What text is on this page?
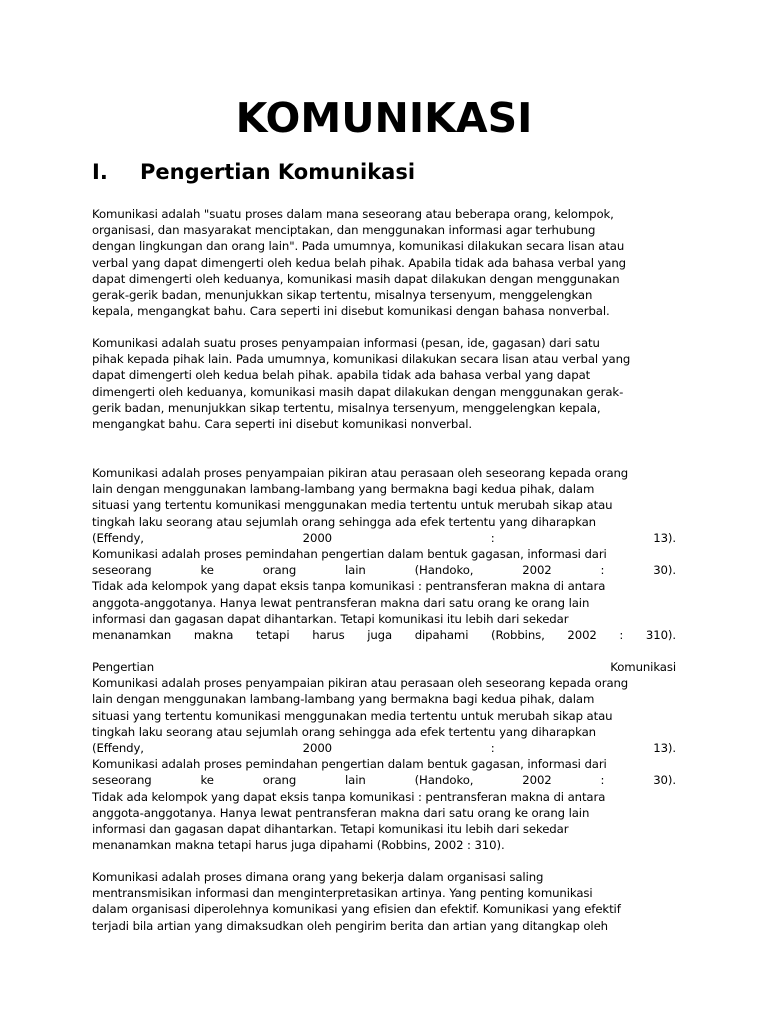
KOMUNIKASI
I. Pengertian Komunikasi
Komunikasi adalah "suatu proses dalam mana seseorang atau beberapa orang, kelompok,
organisasi, dan masyarakat menciptakan, dan menggunakan informasi agar terhubung
dengan lingkungan dan orang lain". Pada umumnya, komunikasi dilakukan secara lisan atau
verbal yang dapat dimengerti oleh kedua belah pihak. Apabila tidak ada bahasa verbal yang
dapat dimengerti oleh keduanya, komunikasi masih dapat dilakukan dengan menggunakan
gerak-gerik badan, menunjukkan sikap tertentu, misalnya tersenyum, menggelengkan
kepala, mengangkat bahu. Cara seperti ini disebut komunikasi dengan bahasa nonverbal.
Komunikasi adalah suatu proses penyampaian informasi (pesan, ide, gagasan) dari satu
pihak kepada pihak lain. Pada umumnya, komunikasi dilakukan secara lisan atau verbal yang
dapat dimengerti oleh kedua belah pihak. apabila tidak ada bahasa verbal yang dapat
dimengerti oleh keduanya, komunikasi masih dapat dilakukan dengan menggunakan gerak-
gerik badan, menunjukkan sikap tertentu, misalnya tersenyum, menggelengkan kepala,
mengangkat bahu. Cara seperti ini disebut komunikasi nonverbal.
Komunikasi adalah proses penyampaian pikiran atau perasaan oleh seseorang kepada orang
lain dengan menggunakan lambang-lambang yang bermakna bagi kedua pihak, dalam
situasi yang tertentu komunikasi menggunakan media tertentu untuk merubah sikap atau
tingkah laku seorang atau sejumlah orang sehingga ada efek tertentu yang diharapkan
(Effendy,	2000	:	13).
Komunikasi adalah proses pemindahan pengertian dalam bentuk gagasan, informasi dari
seseorang	ke	orang	lain	(Handoko,	2002	:	30).
Tidak ada kelompok yang dapat eksis tanpa komunikasi : pentransferan makna di antara
anggota-anggotanya. Hanya lewat pentransferan makna dari satu orang ke orang lain
informasi dan gagasan dapat dihantarkan. Tetapi komunikasi itu lebih dari sekedar
menanamkan makna tetapi harus juga dipahami (Robbins, 2002 : 310).
Pengertian	Komunikasi
Komunikasi adalah proses penyampaian pikiran atau perasaan oleh seseorang kepada orang
lain dengan menggunakan lambang-lambang yang bermakna bagi kedua pihak, dalam
situasi yang tertentu komunikasi menggunakan media tertentu untuk merubah sikap atau
tingkah laku seorang atau sejumlah orang sehingga ada efek tertentu yang diharapkan
(Effendy,	2000	:	13).
Komunikasi adalah proses pemindahan pengertian dalam bentuk gagasan, informasi dari
seseorang	ke	orang	lain	(Handoko,	2002	:	30).
Tidak ada kelompok yang dapat eksis tanpa komunikasi : pentransferan makna di antara
anggota-anggotanya. Hanya lewat pentransferan makna dari satu orang ke orang lain
informasi dan gagasan dapat dihantarkan. Tetapi komunikasi itu lebih dari sekedar
menanamkan makna tetapi harus juga dipahami (Robbins, 2002 : 310).
Komunikasi adalah proses dimana orang yang bekerja dalam organisasi saling
mentransmisikan informasi dan menginterpretasikan artinya. Yang penting komunikasi
dalam organisasi diperolehnya komunikasi yang efisien dan efektif. Komunikasi yang efektif
terjadi bila artian yang dimaksudkan oleh pengirim berita dan artian yang ditangkap oleh
